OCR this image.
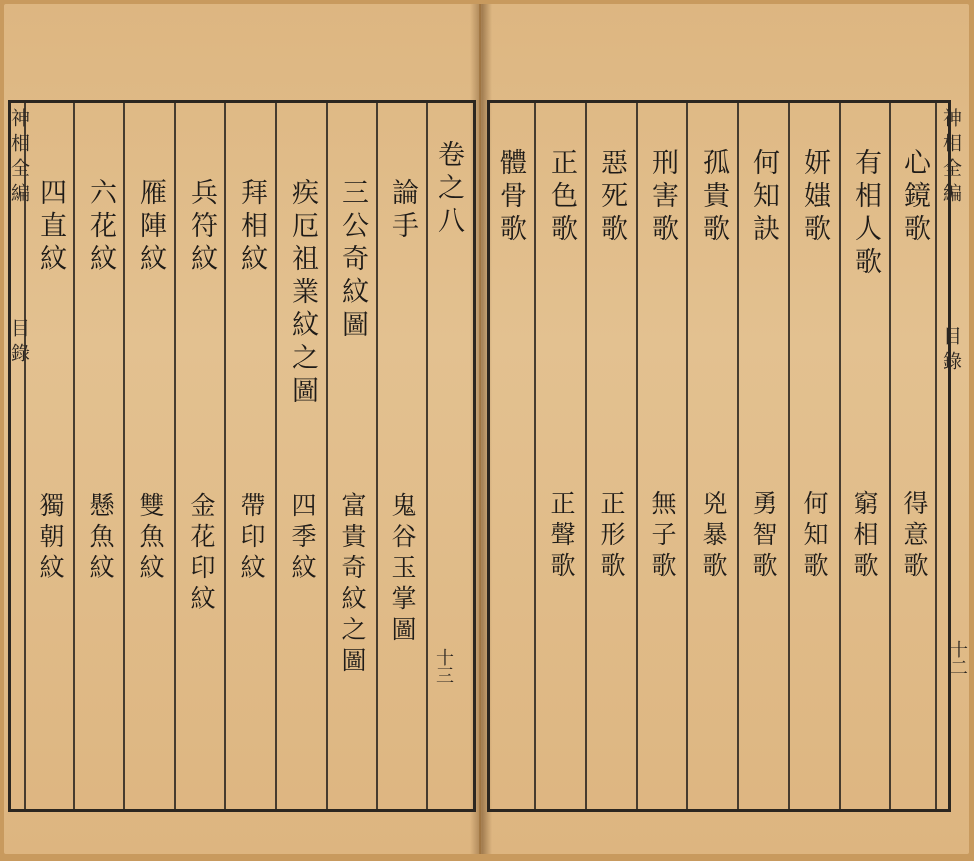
神相全編
目錄
十三
卷之八
論手
三公奇紋圖
疾厄祖業紋之圖
拜相紋
兵符紋
雁陣紋
六花紋
四直紋
鬼谷玉掌圖
富貴奇紋之圖
四季紋
帶印紋
金花印紋
雙魚紋
懸魚紋
獨朝紋
神相全編
目錄
十二
心鏡歌
有相人歌
妍媸歌
何知訣
孤貴歌
刑害歌
惡死歌
正色歌
體骨歌
得意歌
窮相歌
何知歌
勇智歌
兇暴歌
無子歌
正形歌
正聲歌
